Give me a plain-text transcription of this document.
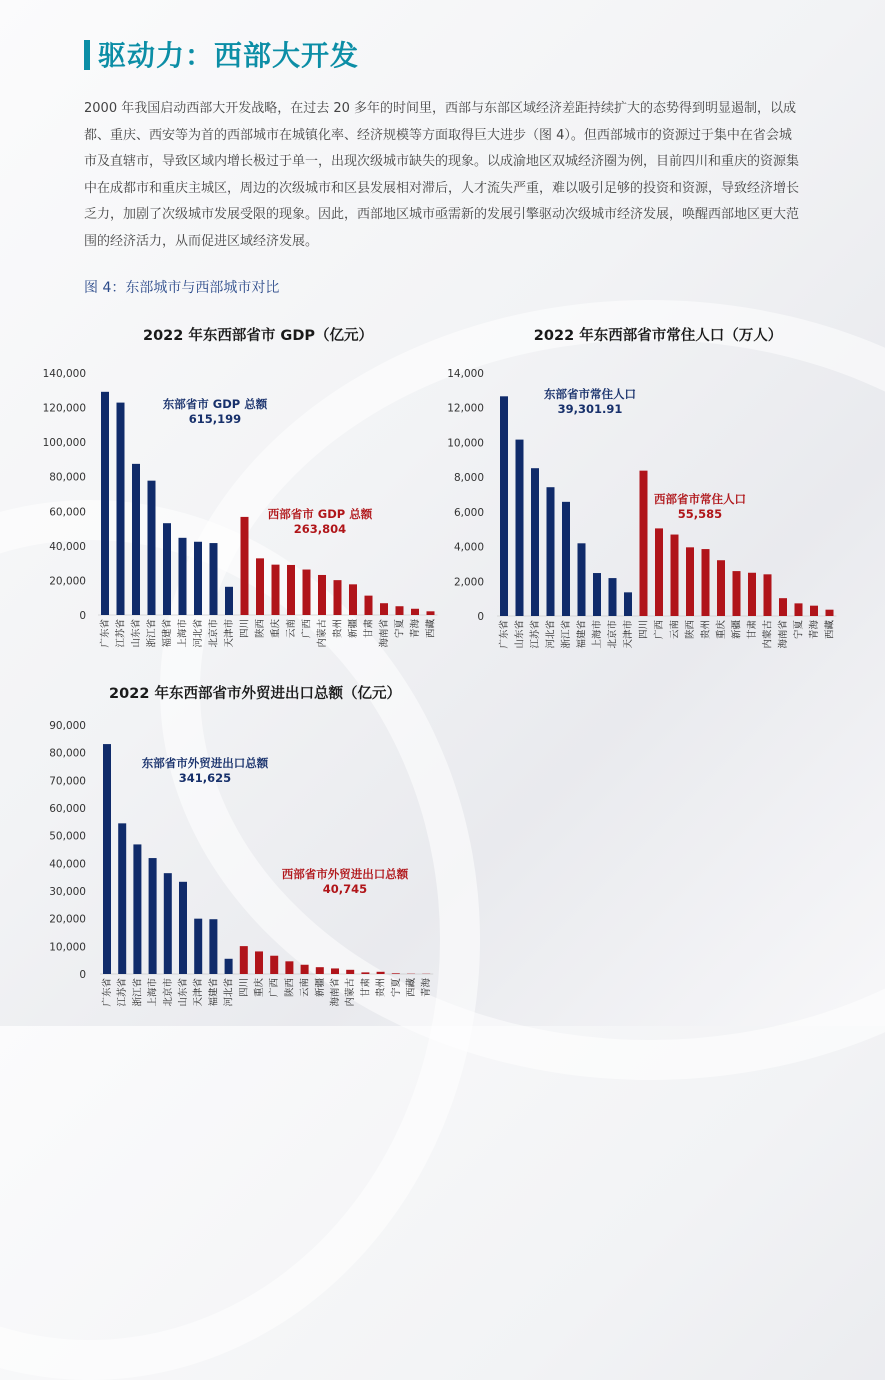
驱动力：西部大开发
2000 年我国启动西部大开发战略，在过去 20 多年的时间里，西部与东部区域经济差距持续扩大的态势得到明显遏制，以成都、重庆、西安等为首的西部城市在城镇化率、经济规模等方面取得巨大进步（图 4）。但西部城市的资源过于集中在省会城市及直辖市，导致区域内增长极过于单一，出现次级城市缺失的现象。以成渝地区双城经济圈为例，目前四川和重庆的资源集中在成都市和重庆主城区，周边的次级城市和区县发展相对滞后，人才流失严重，难以吸引足够的投资和资源，导致经济增长乏力，加剧了次级城市发展受限的现象。因此，西部地区城市亟需新的发展引擎驱动次级城市经济发展，唤醒西部地区更大范围的经济活力，从而促进区域经济发展。
图 4：东部城市与西部城市对比
2022 年东西部省市 GDP（亿元）
0
20,000
40,000
60,000
80,000
100,000
120,000
140,000
广东省 江苏省 山东省 浙江省 福建省 上海市 河北省 北京市 天津市 四川 陕西 重庆 云南 广西 内蒙古 贵州 新疆 甘肃 海南省 宁夏 青海 西藏
东部省市 GDP 总额
615,199
西部省市 GDP 总额
263,804
2022 年东西部省市常住人口（万人）
0
2,000
4,000
6,000
8,000
10,000
12,000
14,000
广东省 山东省 江苏省 河北省 浙江省 福建省 上海市 北京市 天津市 四川 广西 云南 陕西 贵州 重庆 新疆 甘肃 内蒙古 海南省 宁夏 青海 西藏
东部省市常住人口
39,301.91
西部省市常住人口
55,585
2022 年东西部省市外贸进出口总额（亿元）
0
10,000
20,000
30,000
40,000
50,000
60,000
70,000
80,000
90,000
广东省 江苏省 浙江省 上海市 北京市 山东省 天津省 福建省 河北省 四川 重庆 广西 陕西 云南 新疆 海南省 内蒙古 甘肃 贵州 宁夏 西藏 青海
东部省市外贸进出口总额
341,625
西部省市外贸进出口总额
40,745
